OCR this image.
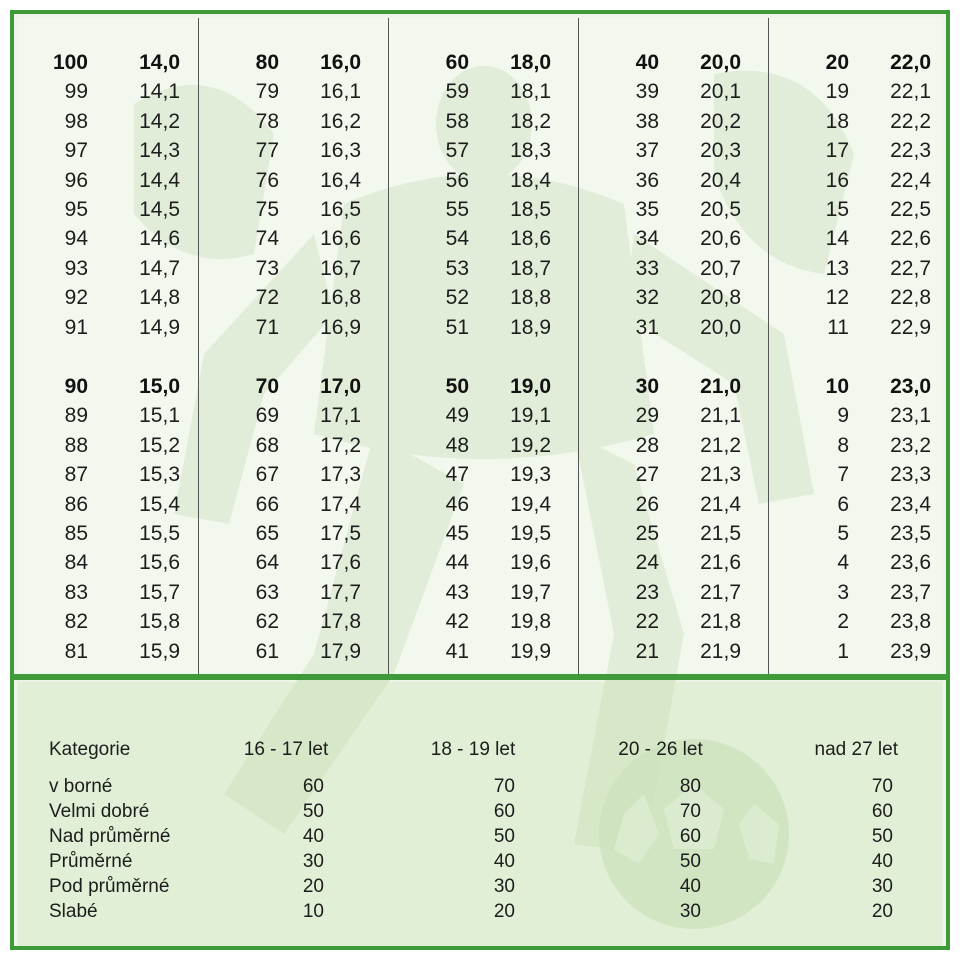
100	14,0
99	14,1
98	14,2
97	14,3
96	14,4
95	14,5
94	14,6
93	14,7
92	14,8
91	14,9
90	15,0
89	15,1
88	15,2
87	15,3
86	15,4
85	15,5
84	15,6
83	15,7
82	15,8
81	15,9
80	16,0
79	16,1
78	16,2
77	16,3
76	16,4
75	16,5
74	16,6
73	16,7
72	16,8
71	16,9
70	17,0
69	17,1
68	17,2
67	17,3
66	17,4
65	17,5
64	17,6
63	17,7
62	17,8
61	17,9
60	18,0
59	18,1
58	18,2
57	18,3
56	18,4
55	18,5
54	18,6
53	18,7
52	18,8
51	18,9
50	19,0
49	19,1
48	19,2
47	19,3
46	19,4
45	19,5
44	19,6
43	19,7
42	19,8
41	19,9
40	20,0
39	20,1
38	20,2
37	20,3
36	20,4
35	20,5
34	20,6
33	20,7
32	20,8
31	20,0
30	21,0
29	21,1
28	21,2
27	21,3
26	21,4
25	21,5
24	21,6
23	21,7
22	21,8
21	21,9
20	22,0
19	22,1
18	22,2
17	22,3
16	22,4
15	22,5
14	22,6
13	22,7
12	22,8
11	22,9
10	23,0
9	23,1
8	23,2
7	23,3
6	23,4
5	23,5
4	23,6
3	23,7
2	23,8
1	23,9
Kategorie	16 - 17 let	18 - 19 let	20 - 26 let	nad 27 let
v borné	60	70	80	70
Velmi dobré	50	60	70	60
Nad průměrné	40	50	60	50
Průměrné	30	40	50	40
Pod průměrné	20	30	40	30
Slabé	10	20	30	20
